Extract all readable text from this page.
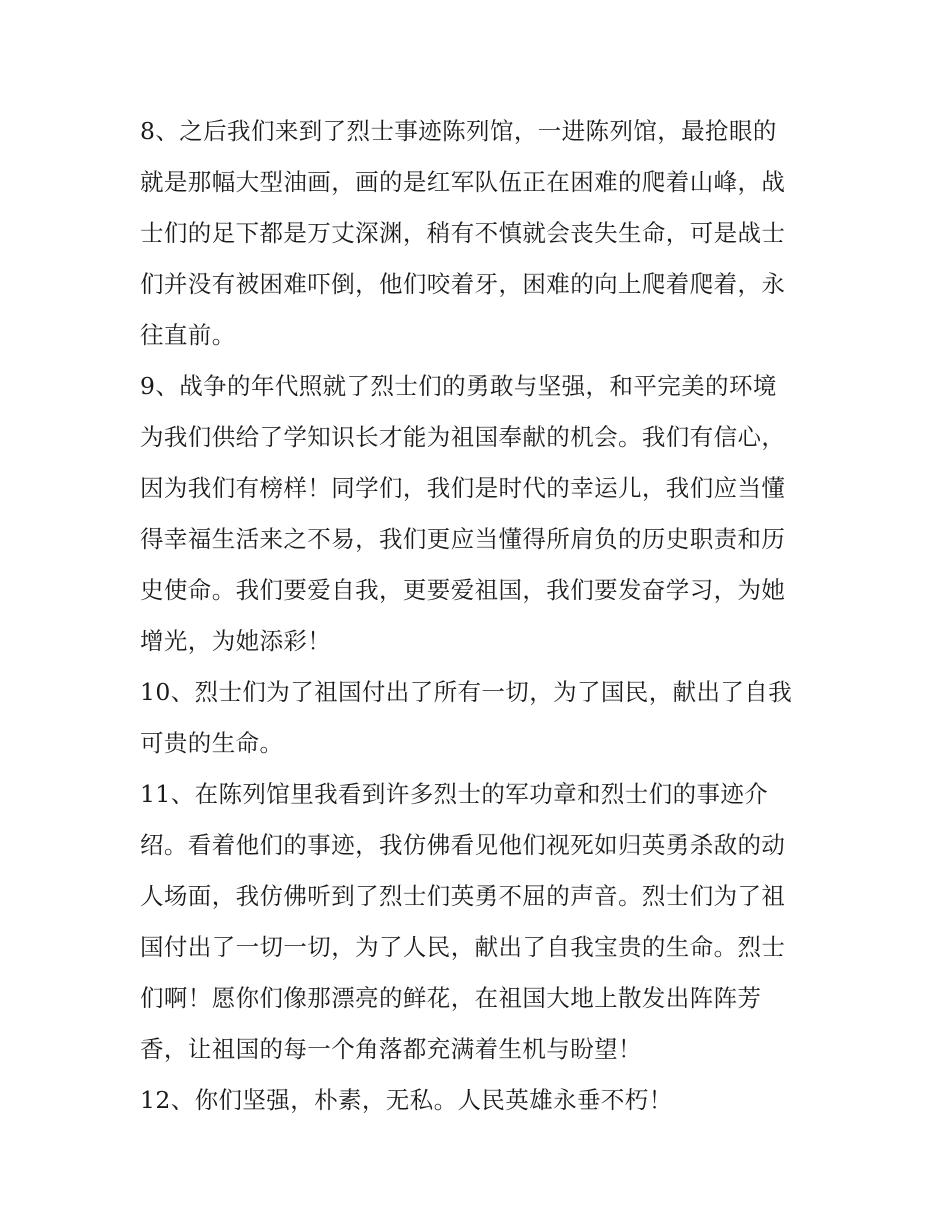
8、之后我们来到了烈士事迹陈列馆，一进陈列馆，最抢眼的
就是那幅大型油画，画的是红军队伍正在困难的爬着山峰，战
士们的足下都是万丈深渊，稍有不慎就会丧失生命，可是战士
们并没有被困难吓倒，他们咬着牙，困难的向上爬着爬着，永
往直前。
9、战争的年代照就了烈士们的勇敢与坚强，和平完美的环境
为我们供给了学知识长才能为祖国奉献的机会。我们有信心，
因为我们有榜样！同学们，我们是时代的幸运儿，我们应当懂
得幸福生活来之不易，我们更应当懂得所肩负的历史职责和历
史使命。我们要爱自我，更要爱祖国，我们要发奋学习，为她
增光，为她添彩！
10、烈士们为了祖国付出了所有一切，为了国民，献出了自我
可贵的生命。
11、在陈列馆里我看到许多烈士的军功章和烈士们的事迹介
绍。看着他们的事迹，我仿佛看见他们视死如归英勇杀敌的动
人场面，我仿佛听到了烈士们英勇不屈的声音。烈士们为了祖
国付出了一切一切，为了人民，献出了自我宝贵的生命。烈士
们啊！愿你们像那漂亮的鲜花，在祖国大地上散发出阵阵芳
香，让祖国的每一个角落都充满着生机与盼望！
12、你们坚强，朴素，无私。人民英雄永垂不朽！
